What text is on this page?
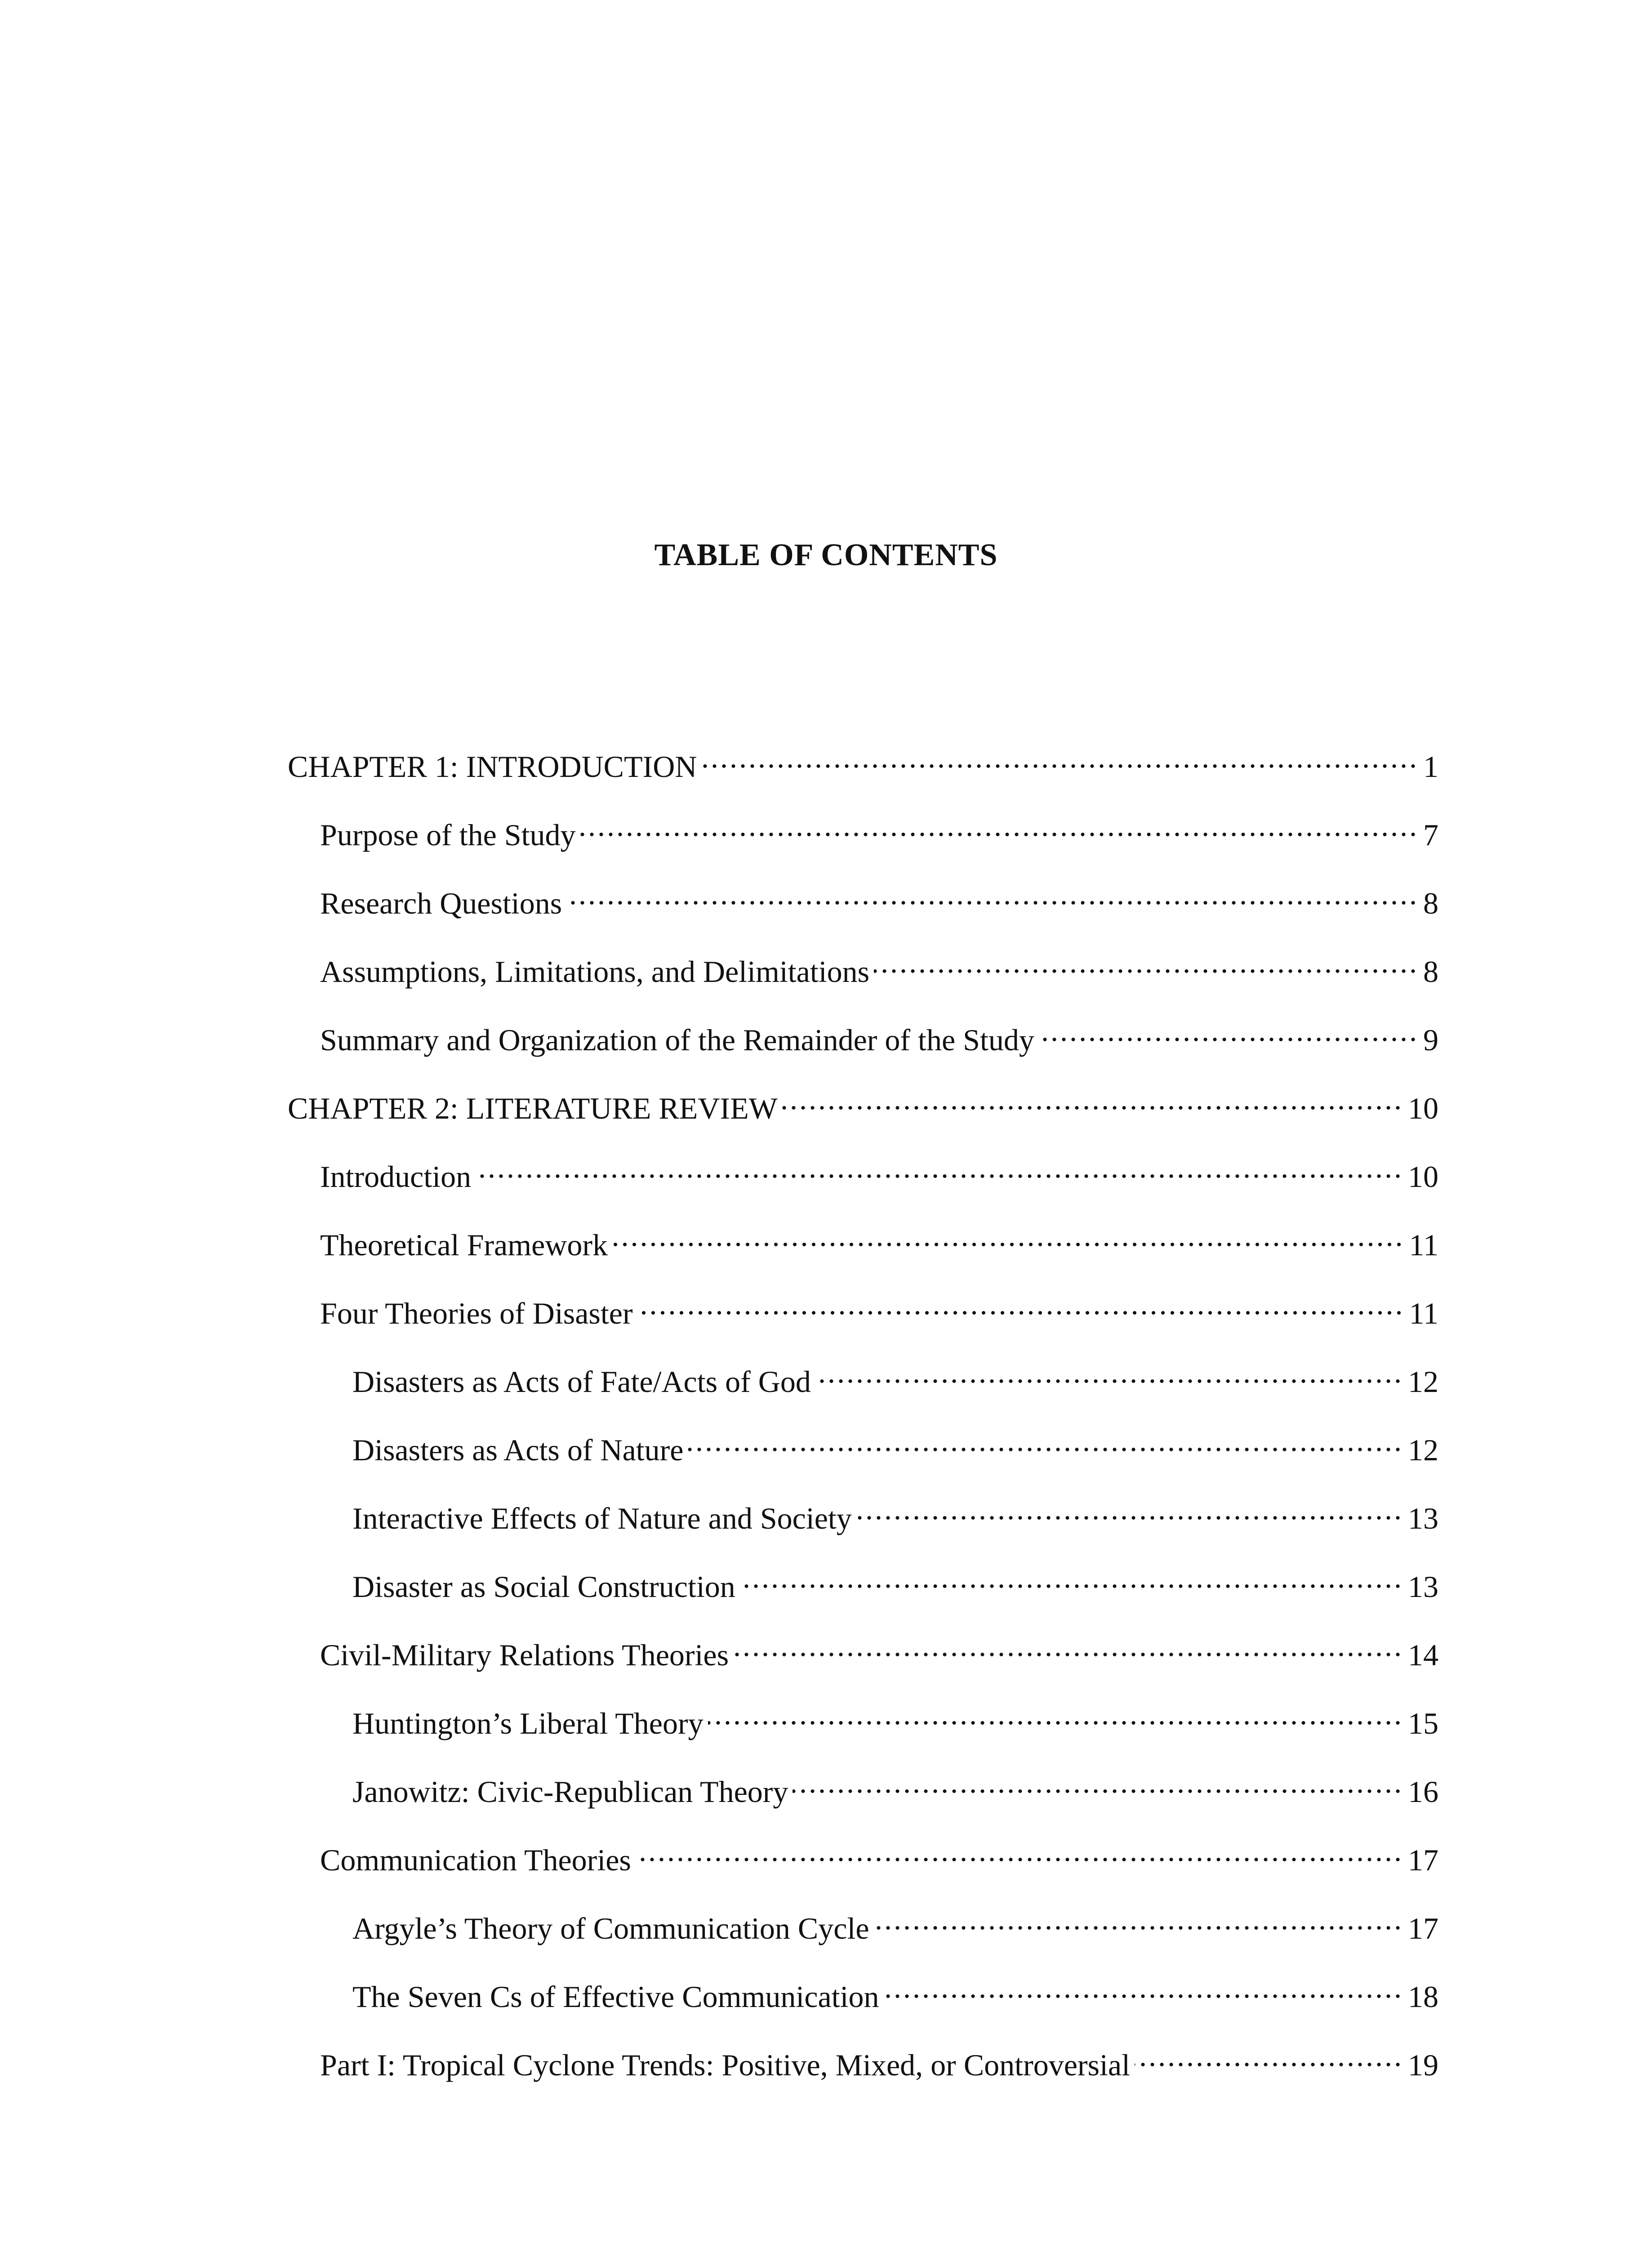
TABLE OF CONTENTS
CHAPTER 1: INTRODUCTION .....	1
Purpose of the Study .....	7
Research Questions .....	8
Assumptions, Limitations, and Delimitations .....	8
Summary and Organization of the Remainder of the Study .....	9
CHAPTER 2: LITERATURE REVIEW .....	10
Introduction .....	10
Theoretical Framework .....	11
Four Theories of Disaster .....	11
Disasters as Acts of Fate/Acts of God .....	12
Disasters as Acts of Nature .....	12
Interactive Effects of Nature and Society .....	13
Disaster as Social Construction .....	13
Civil-Military Relations Theories .....	14
Huntington’s Liberal Theory .....	15
Janowitz: Civic-Republican Theory .....	16
Communication Theories .....	17
Argyle’s Theory of Communication Cycle .....	17
The Seven Cs of Effective Communication .....	18
Part I: Tropical Cyclone Trends: Positive, Mixed, or Controversial .....	19
